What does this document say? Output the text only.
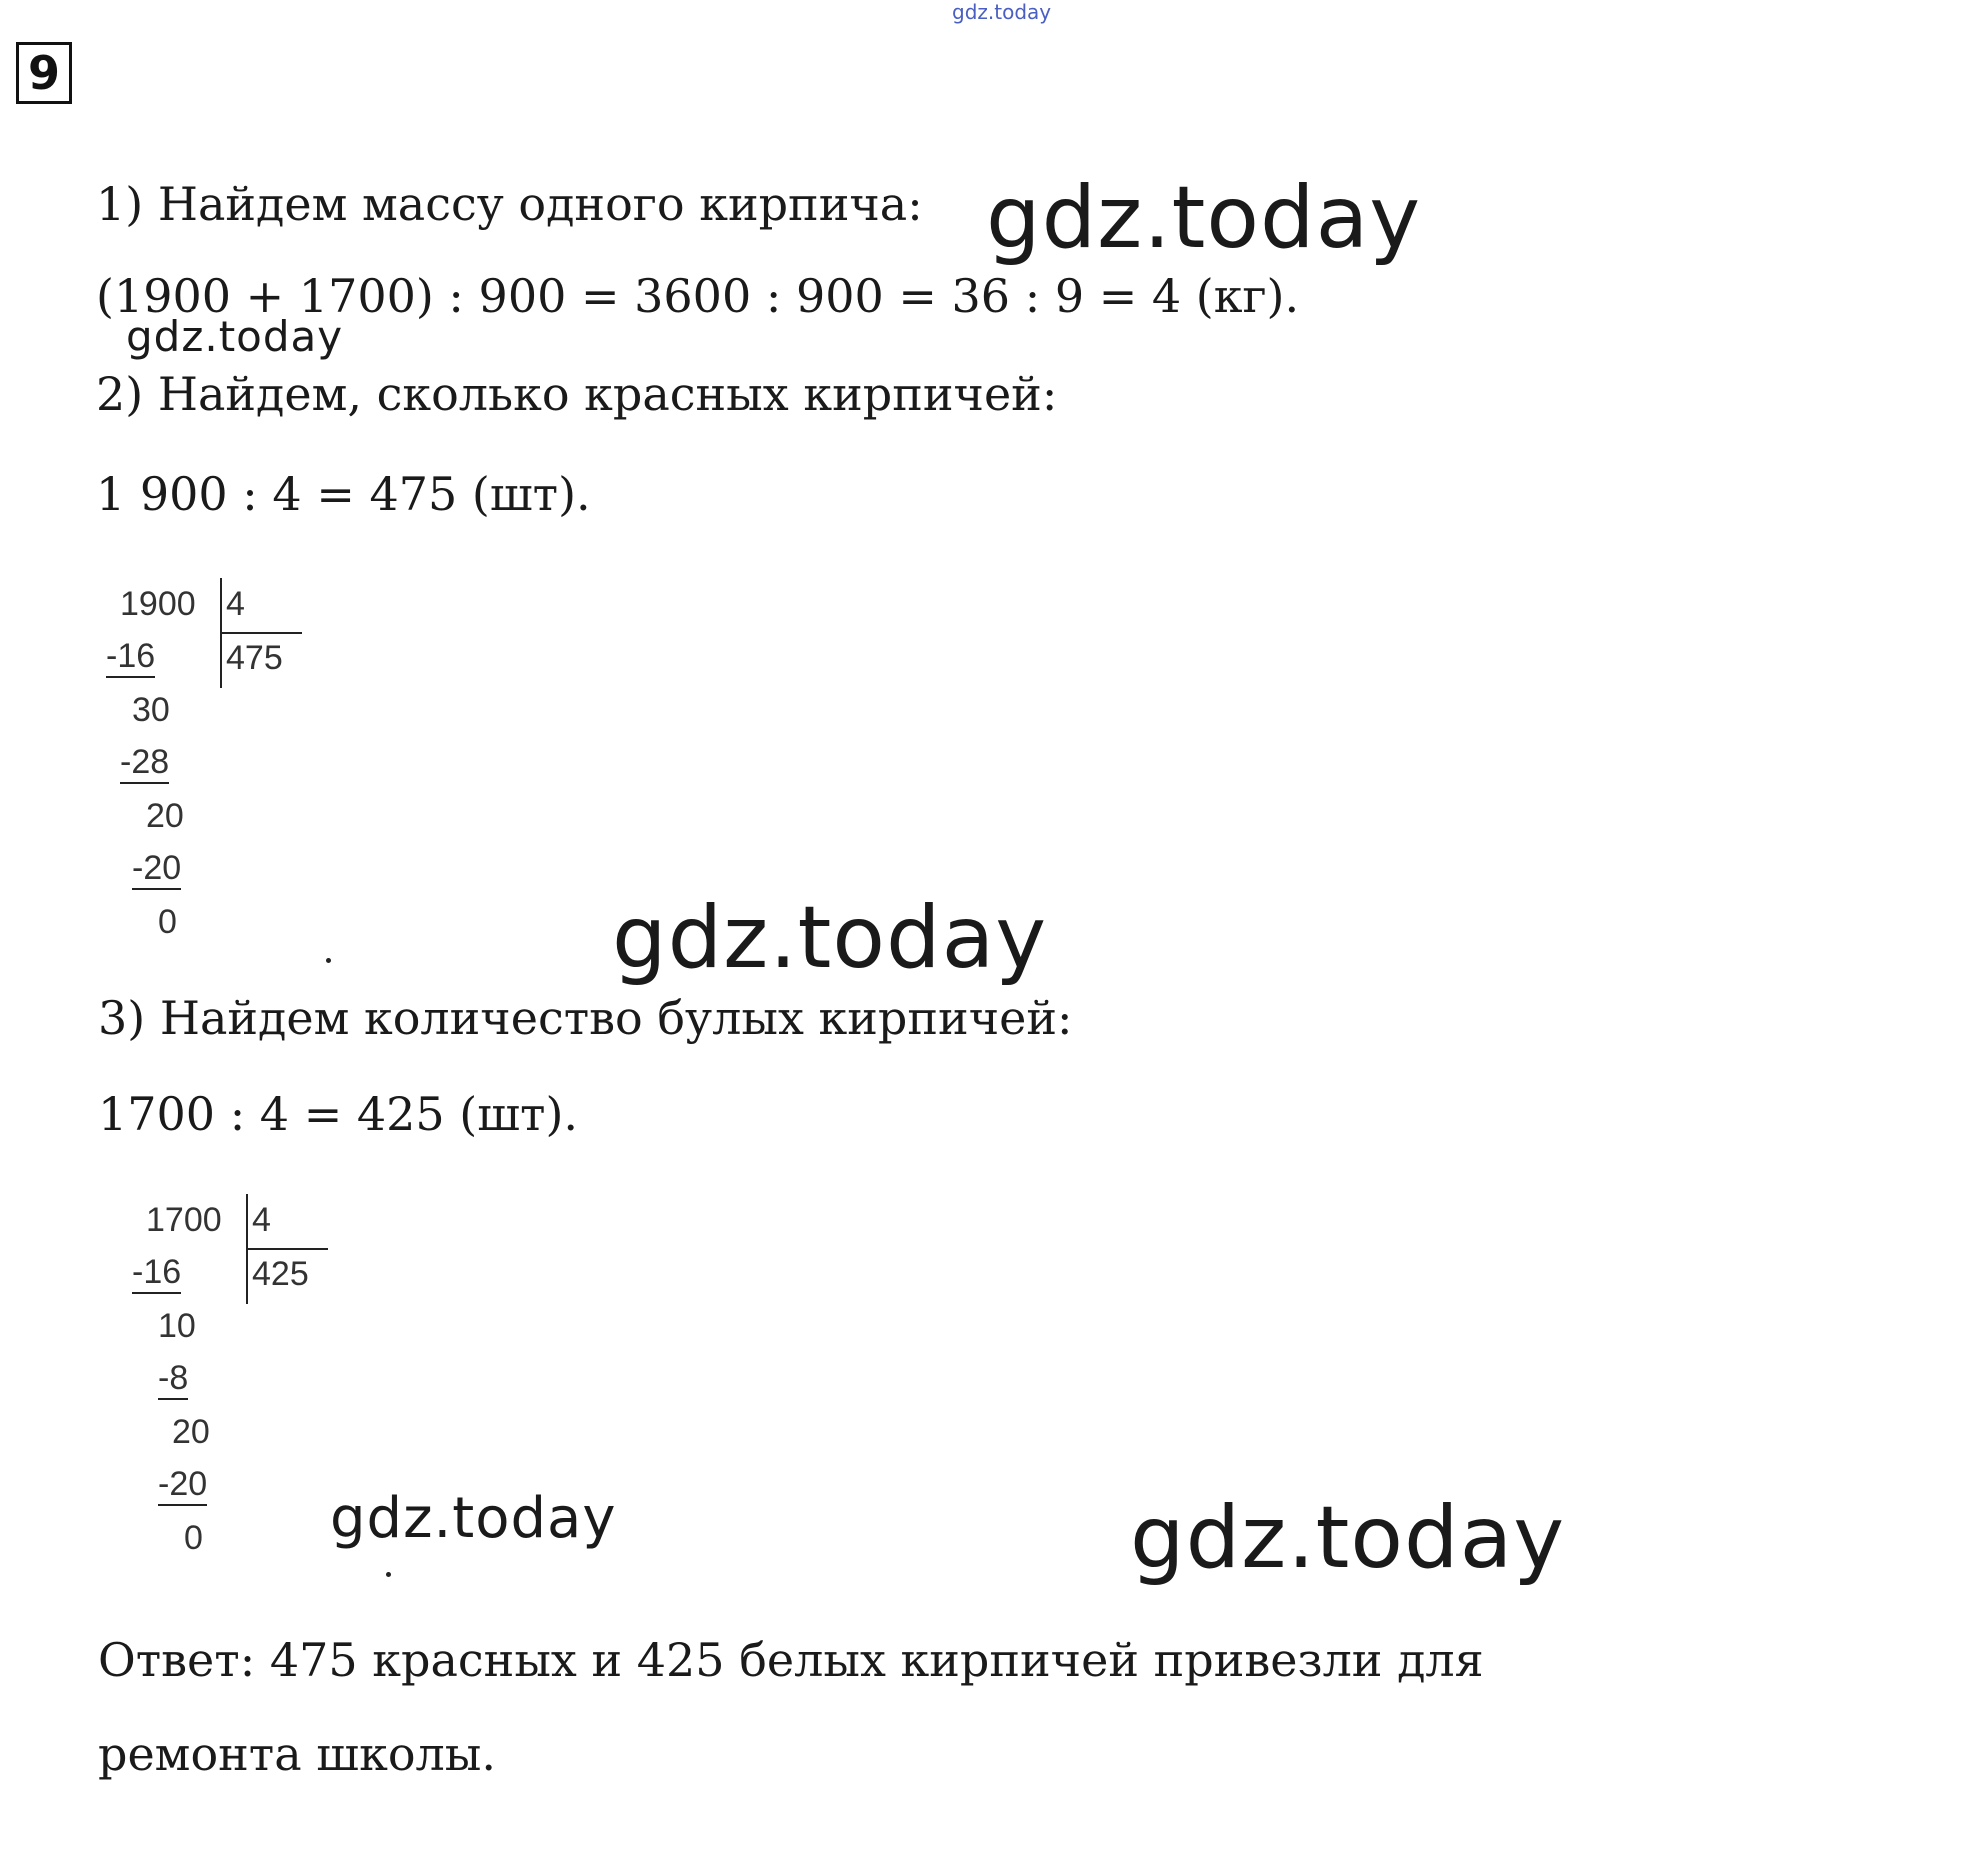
gdz.today
9
1) Найдем массу одного кирпича:
(1900 + 1700) : 900 = 3600 : 900 = 36 : 9 = 4 (кг).
2) Найдем, сколько красных кирпичей:
1 900 : 4 = 475 (шт).
1900 4
475
-16
30
-28
20
-20
0
3) Найдем количество булых кирпичей:
1700 : 4 = 425 (шт).
1700 4
425
-16
10
-8
20
-20
0
Ответ: 475 красных и 425 белых кирпичей привезли для
ремонта школы.
gdz.today
gdz.today
gdz.today
gdz.today	gdz.today
